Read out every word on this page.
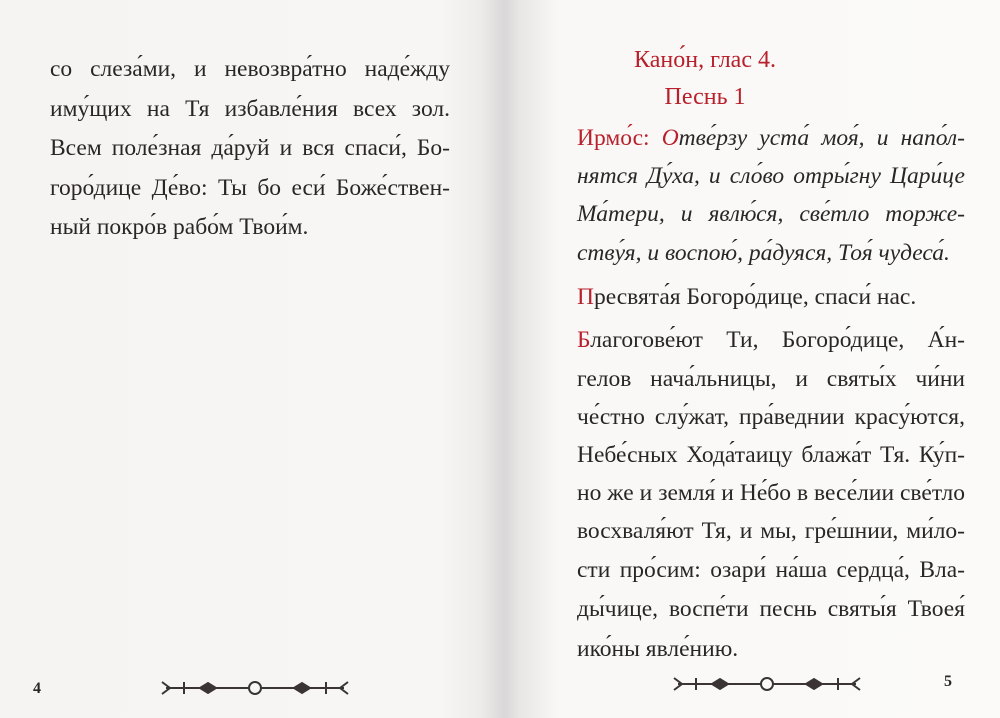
со слеза́ми, и невозвра́тно наде́жду
иму́щих на Тя избавле́ния всех зол.
Всем поле́зная да́руй и вся спаси́, Бо-
горо́дице Де́во: Ты бо еси́ Боже́ствен-
ный покро́в рабо́м Твои́м.
4
Кано́н, глас 4.
Песнь 1
Ирмо́с: Отве́рзу уста́ моя́, и напо́л-
нятся Ду́ха, и сло́во отры́гну Цари́це
Ма́тери, и явлю́ся, све́тло торже-
ству́я, и воспою́, ра́дуяся, Тоя́ чудеса́.
Пресвята́я Богоро́дице, спаси́ нас.
Благогове́ют Ти, Богоро́дице, А́н-
гелов нача́льницы, и святы́х чи́ни
че́стно слу́жат, пра́веднии красу́ются,
Небе́сных Хода́таицу блажа́т Тя. Ку́п-
но же и земля́ и Не́бо в весе́лии све́тло
восхваля́ют Тя, и мы, гре́шнии, ми́ло-
сти про́сим: озари́ на́ша сердца́, Вла-
ды́чице, воспе́ти песнь святы́я Твоея́
ико́ны явле́нию.
5
